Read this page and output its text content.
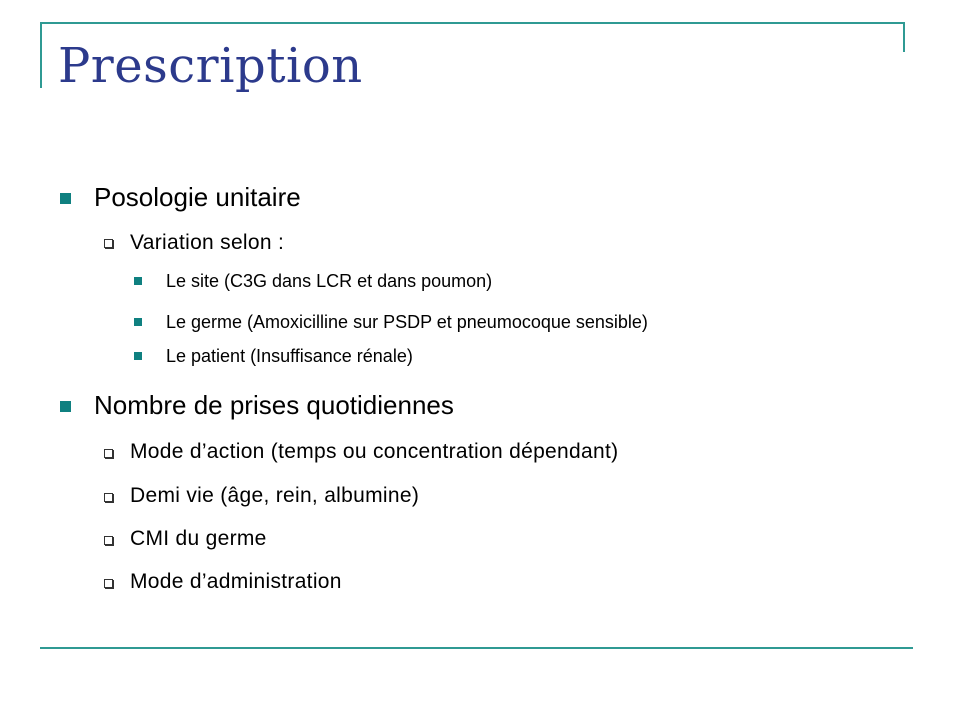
Prescription
Posologie unitaire
Variation selon :
Le site (C3G dans LCR et dans poumon)
Le germe (Amoxicilline sur PSDP et pneumocoque sensible)
Le patient (Insuffisance rénale)
Nombre de prises quotidiennes
Mode d’action (temps ou concentration dépendant)
Demi vie (âge, rein, albumine)
CMI du germe
Mode d’administration
